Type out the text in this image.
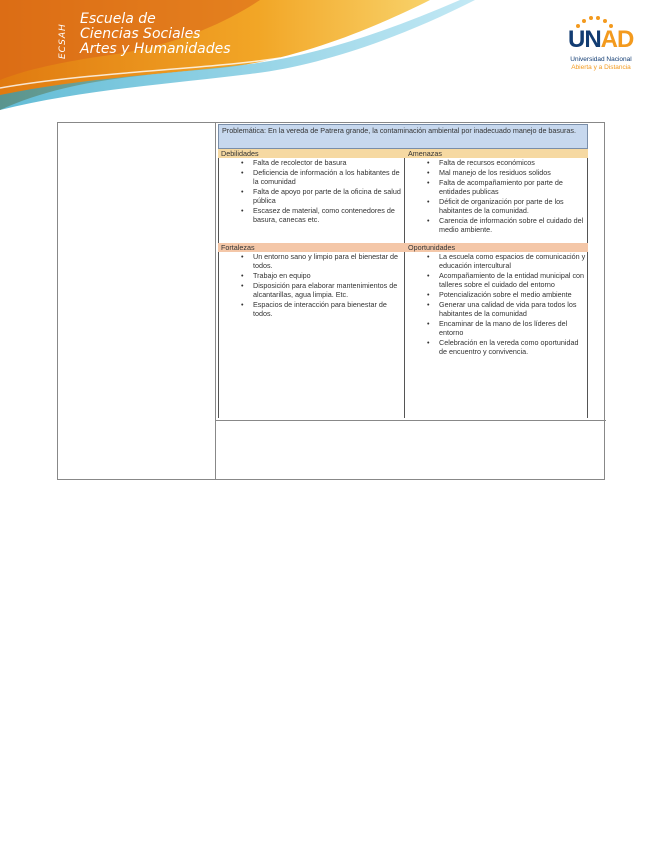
ECSAH
Escuela de
Ciencias Sociales
Artes y Humanidades	UNAD
Universidad Nacional
Abierta y a Distancia
Problemática: En la vereda de Patrera grande, la contaminación ambiental por inadecuado manejo de basuras.
Debilidades
• Falta de recolector de basura
• Deficiencia de información a los habitantes de la comunidad
• Falta de apoyo por parte de la oficina de salud pública
• Escasez de material, como contenedores de basura, canecas etc.
Amenazas
• Falta de recursos económicos
• Mal manejo de los residuos solidos
• Falta de acompañamiento por parte de entidades publicas
• Déficit de organización por parte de los habitantes de la comunidad.
• Carencia de información sobre el cuidado del medio ambiente.
Fortalezas
• Un entorno sano y limpio para el bienestar de todos.
• Trabajo en equipo
• Disposición para elaborar mantenimientos de alcantarillas, agua limpia. Etc.
• Espacios de interacción para bienestar de todos.
Oportunidades
• La escuela como espacios de comunicación y educación intercultural
• Acompañamiento de la entidad municipal con talleres sobre el cuidado del entorno
• Potencialización sobre el medio ambiente
• Generar una calidad de vida para todos los habitantes de la comunidad
• Encaminar de la mano de los líderes del entorno
• Celebración en la vereda como oportunidad de encuentro y convivencia.
